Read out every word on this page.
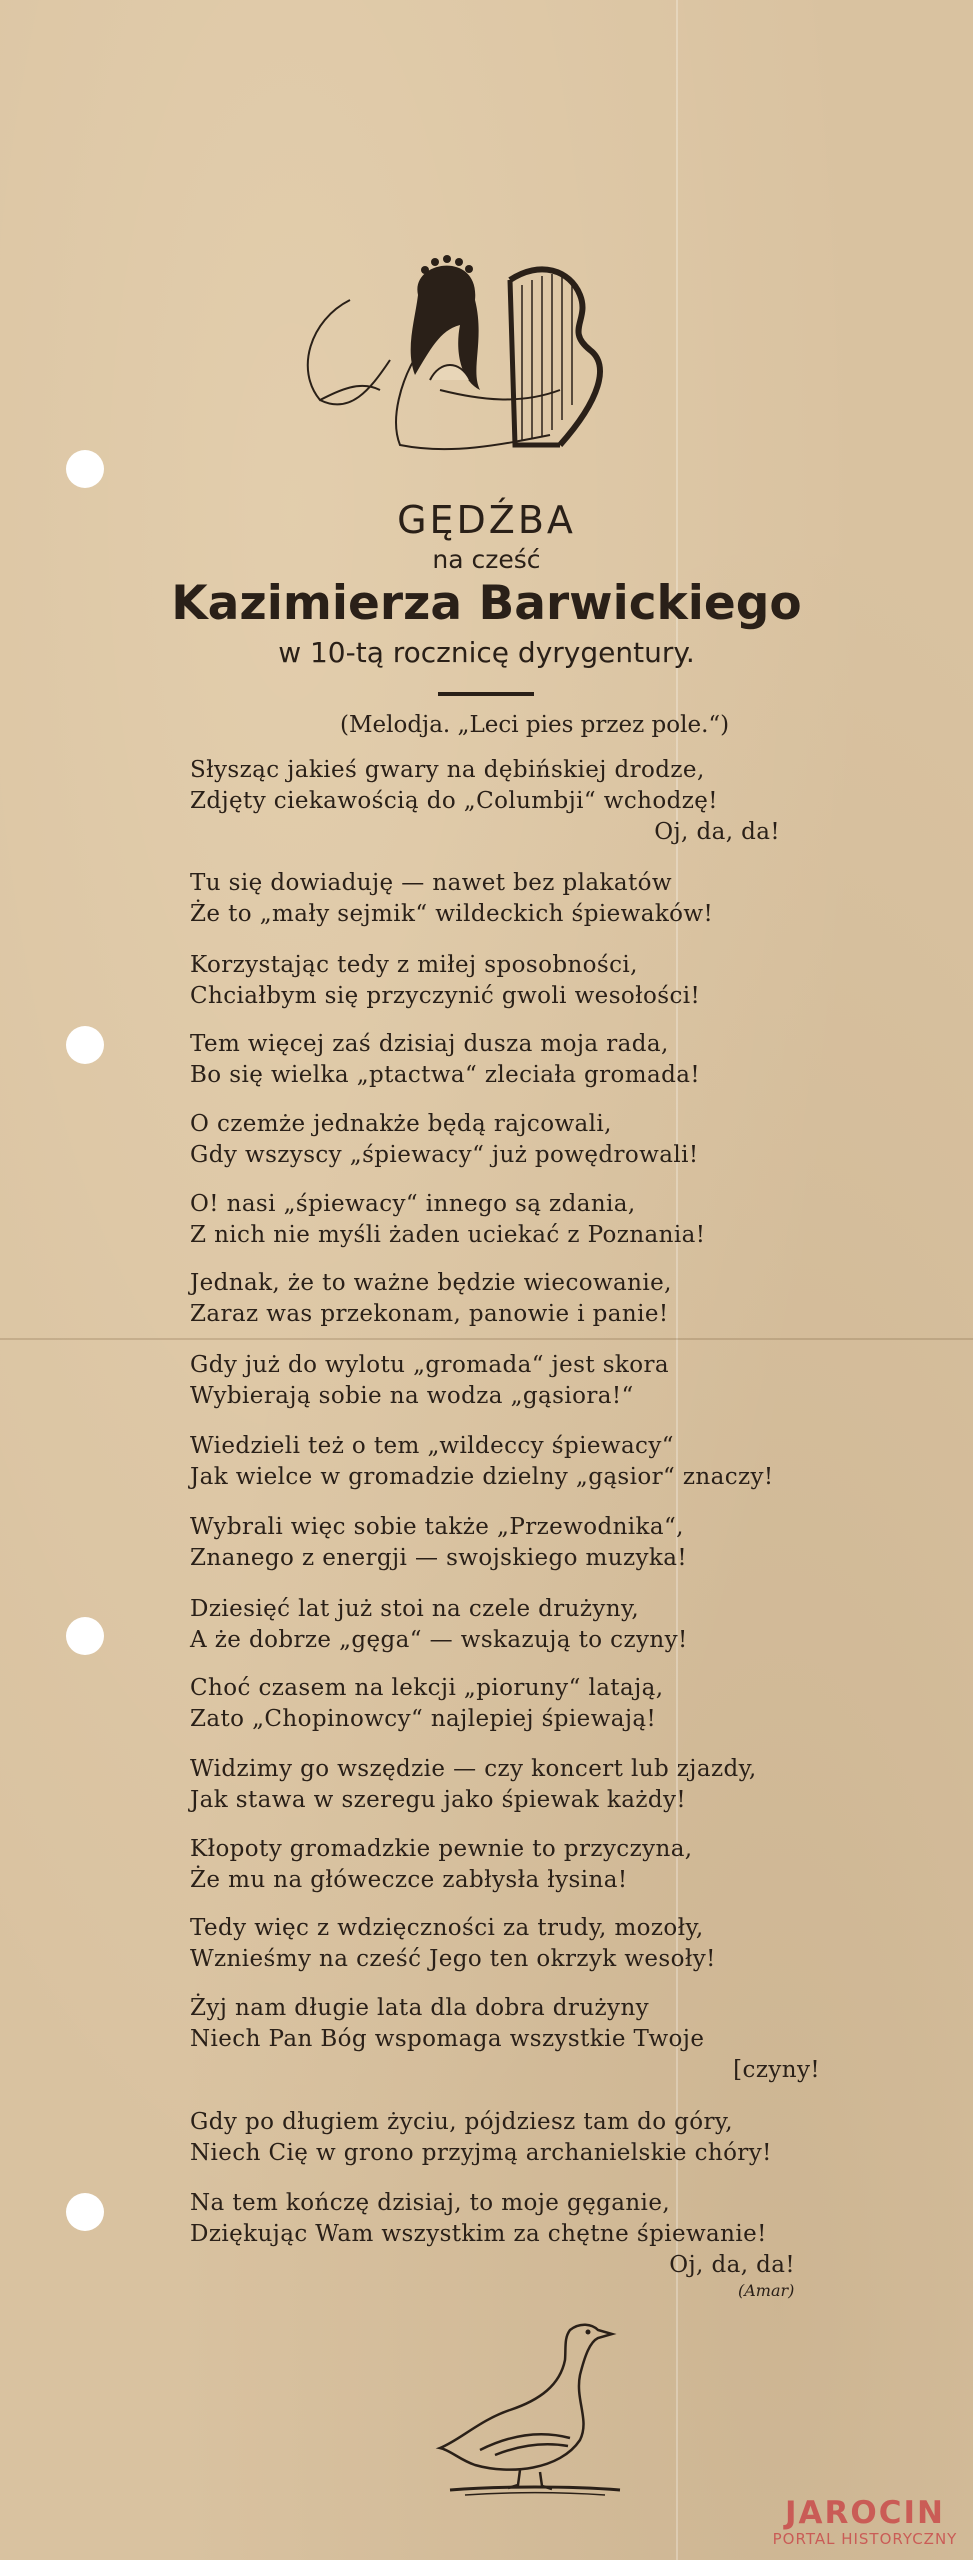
GĘDŹBA
na cześć
Kazimierza Barwickiego
w 10-tą rocznicę dyrygentury.
(Melodja. „Leci pies przez pole.“)
Słysząc jakieś gwary na dębińskiej drodze,
Zdjęty ciekawością do „Columbji“ wchodzę!
Oj, da, da!
Tu się dowiaduję — nawet bez plakatów
Że to „mały sejmik“ wildeckich śpiewaków!
Korzystając tedy z miłej sposobności,
Chciałbym się przyczynić gwoli wesołości!
Tem więcej zaś dzisiaj dusza moja rada,
Bo się wielka „ptactwa“ zleciała gromada!
O czemże jednakże będą rajcowali,
Gdy wszyscy „śpiewacy“ już powędrowali!
O! nasi „śpiewacy“ innego są zdania,
Z nich nie myśli żaden uciekać z Poznania!
Jednak, że to ważne będzie wiecowanie,
Zaraz was przekonam, panowie i panie!
Gdy już do wylotu „gromada“ jest skora
Wybierają sobie na wodza „gąsiora!“
Wiedzieli też o tem „wildeccy śpiewacy“
Jak wielce w gromadzie dzielny „gąsior“ znaczy!
Wybrali więc sobie także „Przewodnika“,
Znanego z energji — swojskiego muzyka!
Dziesięć lat już stoi na czele drużyny,
A że dobrze „gęga“ — wskazują to czyny!
Choć czasem na lekcji „pioruny“ latają,
Zato „Chopinowcy“ najlepiej śpiewają!
Widzimy go wszędzie — czy koncert lub zjazdy,
Jak stawa w szeregu jako śpiewak każdy!
Kłopoty gromadzkie pewnie to przyczyna,
Że mu na główeczce zabłysła łysina!
Tedy więc z wdzięczności za trudy, mozoły,
Wznieśmy na cześć Jego ten okrzyk wesoły!
Żyj nam długie lata dla dobra drużyny
Niech Pan Bóg wspomaga wszystkie Twoje
[czyny!
Gdy po długiem życiu, pójdziesz tam do góry,
Niech Cię w grono przyjmą archanielskie chóry!
Na tem kończę dzisiaj, to moje gęganie,
Dziękując Wam wszystkim za chętne śpiewanie!
Oj, da, da!
(Amar)
JAROCIN
PORTAL HISTORYCZNY
